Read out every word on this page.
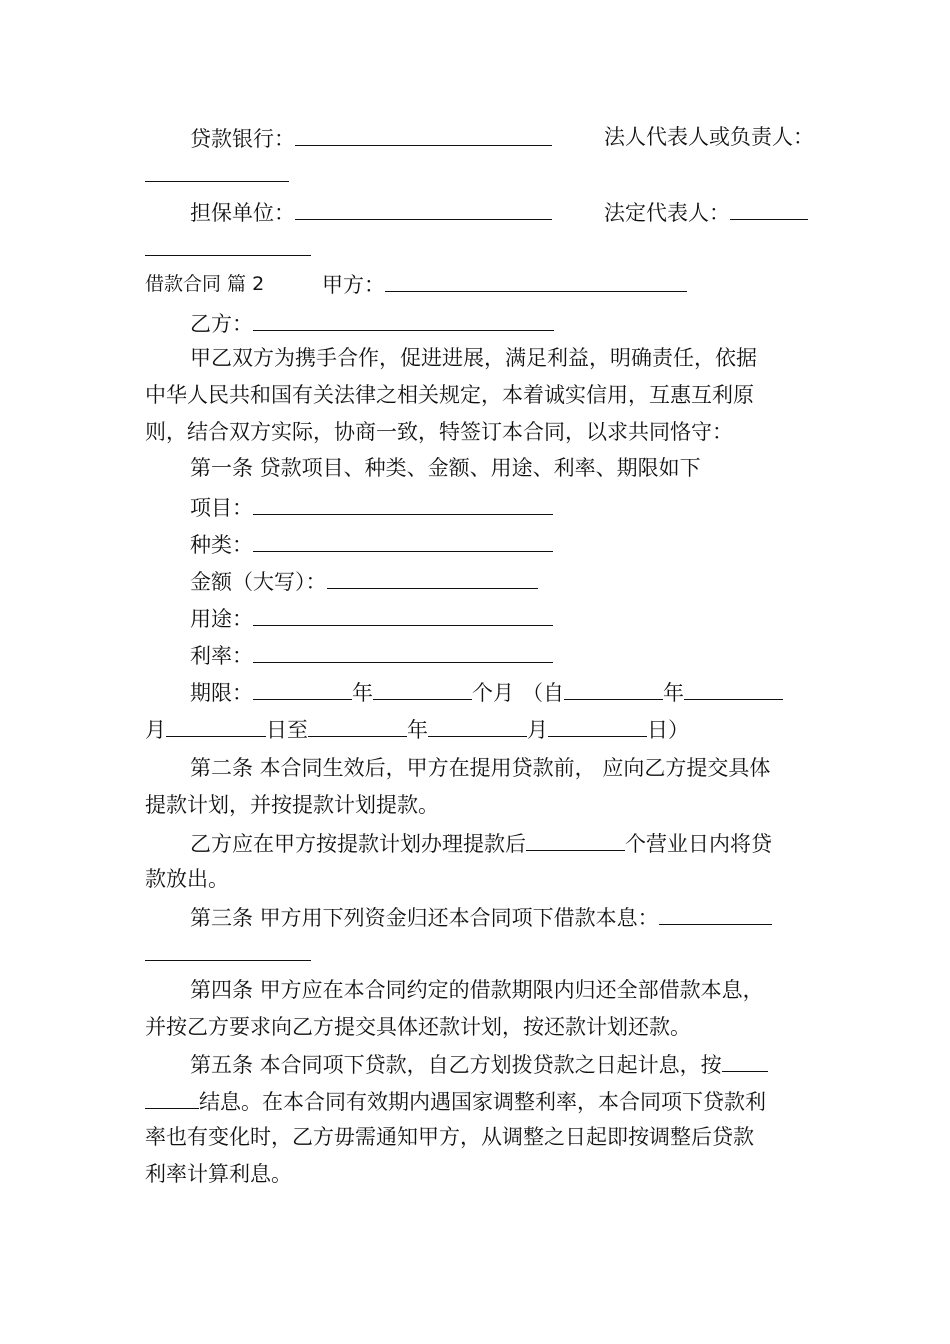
贷款银行：	法人代表人或负责人：
担保单位：	法定代表人：
借款合同 篇 2	甲方：
乙方：
甲乙双方为携手合作，促进进展，满足利益，明确责任，依据
中华人民共和国有关法律之相关规定，本着诚实信用，互惠互利原
则，结合双方实际，协商一致，特签订本合同，以求共同恪守：
第一条 贷款项目、种类、金额、用途、利率、期限如下
项目：
种类：
金额（大写）：
用途：
利率：
期限：	年	个月 （自	年
月	日至	年	月	日）
第二条 本合同生效后，甲方在提用贷款前， 应向乙方提交具体
提款计划，并按提款计划提款。
乙方应在甲方按提款计划办理提款后	个营业日内将贷
款放出。
第三条 甲方用下列资金归还本合同项下借款本息：
第四条 甲方应在本合同约定的借款期限内归还全部借款本息，
并按乙方要求向乙方提交具体还款计划，按还款计划还款。
第五条 本合同项下贷款，自乙方划拨贷款之日起计息，按
结息。在本合同有效期内遇国家调整利率，本合同项下贷款利
率也有变化时，乙方毋需通知甲方，从调整之日起即按调整后贷款
利率计算利息。
